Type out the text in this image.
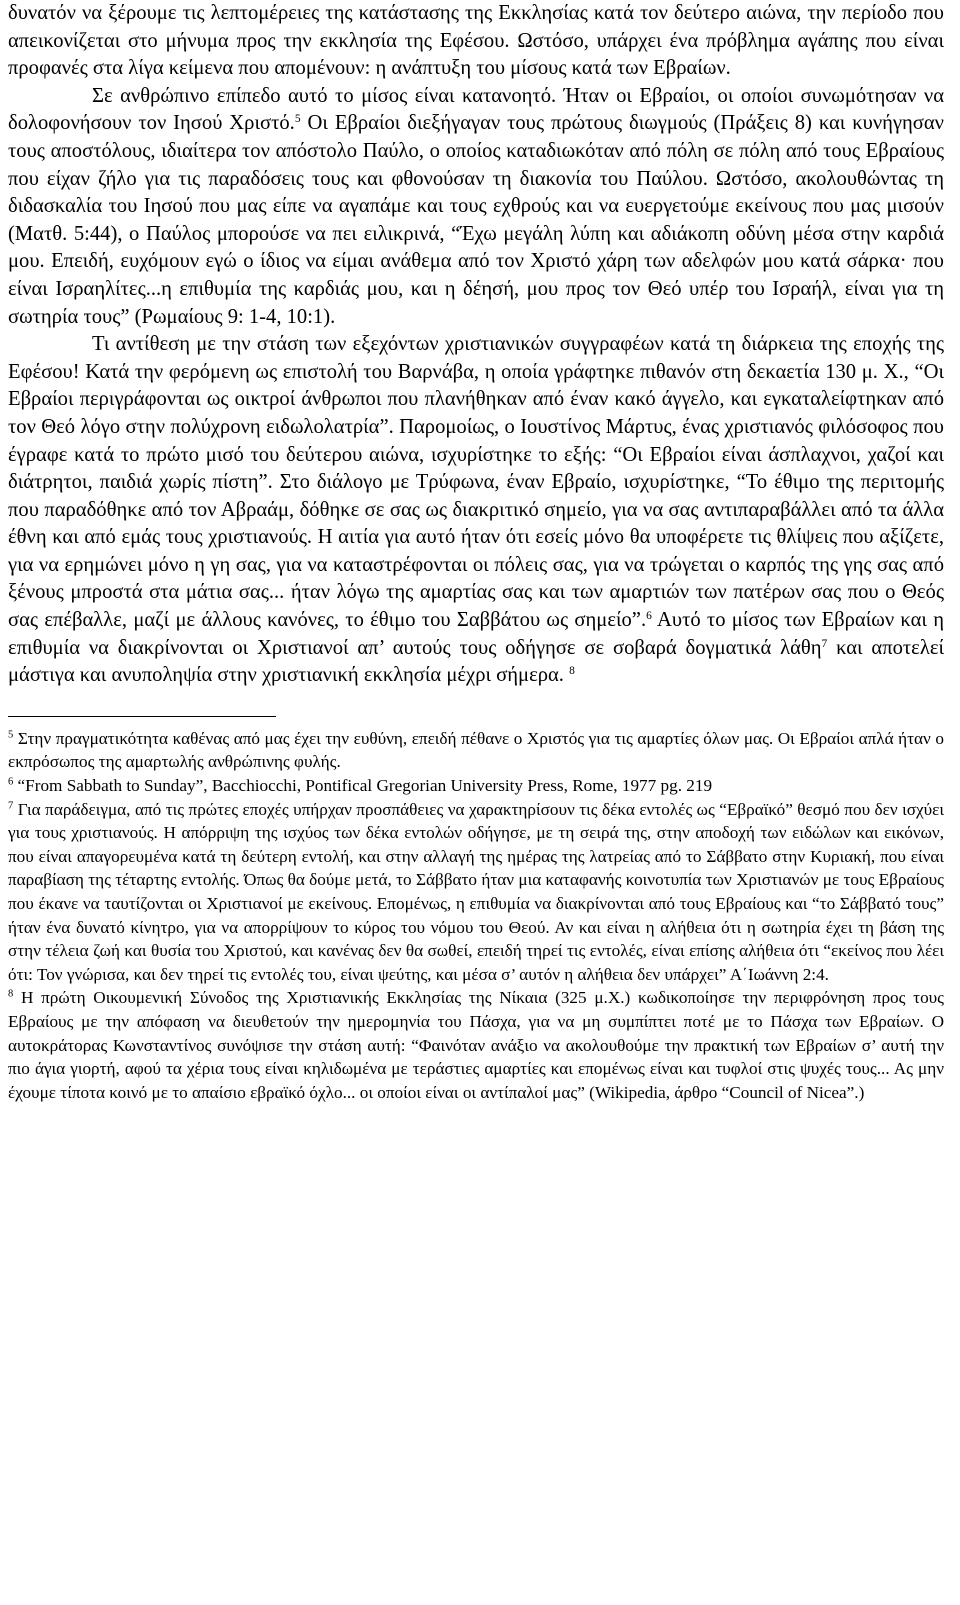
δυνατόν να ξέρουμε τις λεπτομέρειες της κατάστασης της Εκκλησίας κατά τον δεύτερο αιώνα, την περίοδο που απεικονίζεται στο μήνυμα προς την εκκλησία της Εφέσου. Ωστόσο, υπάρχει ένα πρόβλημα αγάπης που είναι προφανές στα λίγα κείμενα που απομένουν: η ανάπτυξη του μίσους κατά των Εβραίων.

Σε ανθρώπινο επίπεδο αυτό το μίσος είναι κατανοητό. Ήταν οι Εβραίοι, οι οποίοι συνωμότησαν να δολοφονήσουν τον Ιησού Χριστό.$^5$ Οι Εβραίοι διεξήγαγαν τους πρώτους διωγμούς (Πράξεις 8) και κυνήγησαν τους αποστόλους, ιδιαίτερα τον απόστολο Παύλο, ο οποίος καταδιωκόταν από πόλη σε πόλη από τους Εβραίους που είχαν ζήλο για τις παραδόσεις τους και φθονούσαν τη διακονία του Παύλου. Ωστόσο, ακολουθώντας τη διδασκαλία του Ιησού που μας είπε να αγαπάμε και τους εχθρούς και να ευεργετούμε εκείνους που μας μισούν (Ματθ. 5:44), ο Παύλος μπορούσε να πει ειλικρινά, “Έχω μεγάλη λύπη και αδιάκοπη οδύνη μέσα στην καρδιά μου. Επειδή, ευχόμουν εγώ ο ίδιος να είμαι ανάθεμα από τον Χριστό χάρη των αδελφών μου κατά σάρκα· που είναι Ισραηλίτες...η επιθυμία της καρδιάς μου, και η δέησή, μου προς τον Θεό υπέρ του Ισραήλ, είναι για τη σωτηρία τους” (Ρωμαίους 9: 1-4, 10:1).

Τι αντίθεση με την στάση των εξεχόντων χριστιανικών συγγραφέων κατά τη διάρκεια της εποχής της Εφέσου! Κατά την φερόμενη ως επιστολή του Βαρνάβα, η οποία γράφτηκε πιθανόν στη δεκαετία 130 μ. Χ., “Οι Εβραίοι περιγράφονται ως οικτροί άνθρωποι που πλανήθηκαν από έναν κακό άγγελο, και εγκαταλείφτηκαν από τον Θεό λόγο στην πολύχρονη ειδωλολατρία”. Παρομοίως, ο Ιουστίνος Μάρτυς, ένας χριστιανός φιλόσοφος που έγραφε κατά το πρώτο μισό του δεύτερου αιώνα, ισχυρίστηκε το εξής: “Οι Εβραίοι είναι άσπλαχνοι, χαζοί και διάτρητοι, παιδιά χωρίς πίστη”. Στο διάλογο με Τρύφωνα, έναν Εβραίο, ισχυρίστηκε, “Το έθιμο της περιτομής που παραδόθηκε από τον Αβραάμ, δόθηκε σε σας ως διακριτικό σημείο, για να σας αντιπαραβάλλει από τα άλλα έθνη και από εμάς τους χριστιανούς. Η αιτία για αυτό ήταν ότι εσείς μόνο θα υποφέρετε τις θλίψεις που αξίζετε, για να ερημώνει μόνο η γη σας, για να καταστρέφονται οι πόλεις σας, για να τρώγεται ο καρπός της γης σας από ξένους μπροστά στα μάτια σας... ήταν λόγω της αμαρτίας σας και των αμαρτιών των πατέρων σας που ο Θεός σας επέβαλλε, μαζί με άλλους κανόνες, το έθιμο του Σαββάτου ως σημείο”.$^6$ Αυτό το μίσος των Εβραίων και η επιθυμία να διακρίνονται οι Χριστιανοί απ’ αυτούς τους οδήγησε σε σοβαρά δογματικά λάθη$^7$ και αποτελεί μάστιγα και ανυποληψία στην χριστιανική εκκλησία μέχρι σήμερα. $^8$

$^5$ Στην πραγματικότητα καθένας από μας έχει την ευθύνη, επειδή πέθανε ο Χριστός για τις αμαρτίες όλων μας. Οι Εβραίοι απλά ήταν ο εκπρόσωπος της αμαρτωλής ανθρώπινης φυλής.

$^6$ “From Sabbath to Sunday”, Bacchiocchi, Pontifical Gregorian University Press, Rome, 1977 pg. 219

$^7$ Για παράδειγμα, από τις πρώτες εποχές υπήρχαν προσπάθειες να χαρακτηρίσουν τις δέκα εντολές ως “Εβραϊκό” θεσμό που δεν ισχύει για τους χριστιανούς. Η απόρριψη της ισχύος των δέκα εντολών οδήγησε, με τη σειρά της, στην αποδοχή των ειδώλων και εικόνων, που είναι απαγορευμένα κατά τη δεύτερη εντολή, και στην αλλαγή της ημέρας της λατρείας από το Σάββατο στην Κυριακή, που είναι παραβίαση της τέταρτης εντολής. Όπως θα δούμε μετά, το Σάββατο ήταν μια καταφανής κοινοτυπία των Χριστιανών με τους Εβραίους που έκανε να ταυτίζονται οι Χριστιανοί με εκείνους. Επομένως, η επιθυμία να διακρίνονται από τους Εβραίους και “το Σάββατό τους” ήταν ένα δυνατό κίνητρο, για να απορρίψουν το κύρος του νόμου του Θεού. Αν και είναι η αλήθεια ότι η σωτηρία έχει τη βάση της στην τέλεια ζωή και θυσία του Χριστού, και κανένας δεν θα σωθεί, επειδή τηρεί τις εντολές, είναι επίσης αλήθεια ότι “εκείνος που λέει ότι: Τον γνώρισα, και δεν τηρεί τις εντολές του, είναι ψεύτης, και μέσα σ’ αυτόν η αλήθεια δεν υπάρχει” Α΄Ιωάννη 2:4.

$^8$ Η πρώτη Οικουμενική Σύνοδος της Χριστιανικής Εκκλησίας της Νίκαια (325 μ.Χ.) κωδικοποίησε την περιφρόνηση προς τους Εβραίους με την απόφαση να διευθετούν την ημερομηνία του Πάσχα, για να μη συμπίπτει ποτέ με το Πάσχα των Εβραίων. Ο αυτοκράτορας Κωνσταντίνος συνόψισε την στάση αυτή: “Φαινόταν ανάξιο να ακολουθούμε την πρακτική των Εβραίων σ’ αυτή την πιο άγια γιορτή, αφού τα χέρια τους είναι κηλιδωμένα με τεράστιες αμαρτίες και επομένως είναι και τυφλοί στις ψυχές τους... Ας μην έχουμε τίποτα κοινό με το απαίσιο εβραϊκό όχλο... οι οποίοι είναι οι αντίπαλοί μας” (Wikipedia, άρθρο “Council of Nicea”.)
